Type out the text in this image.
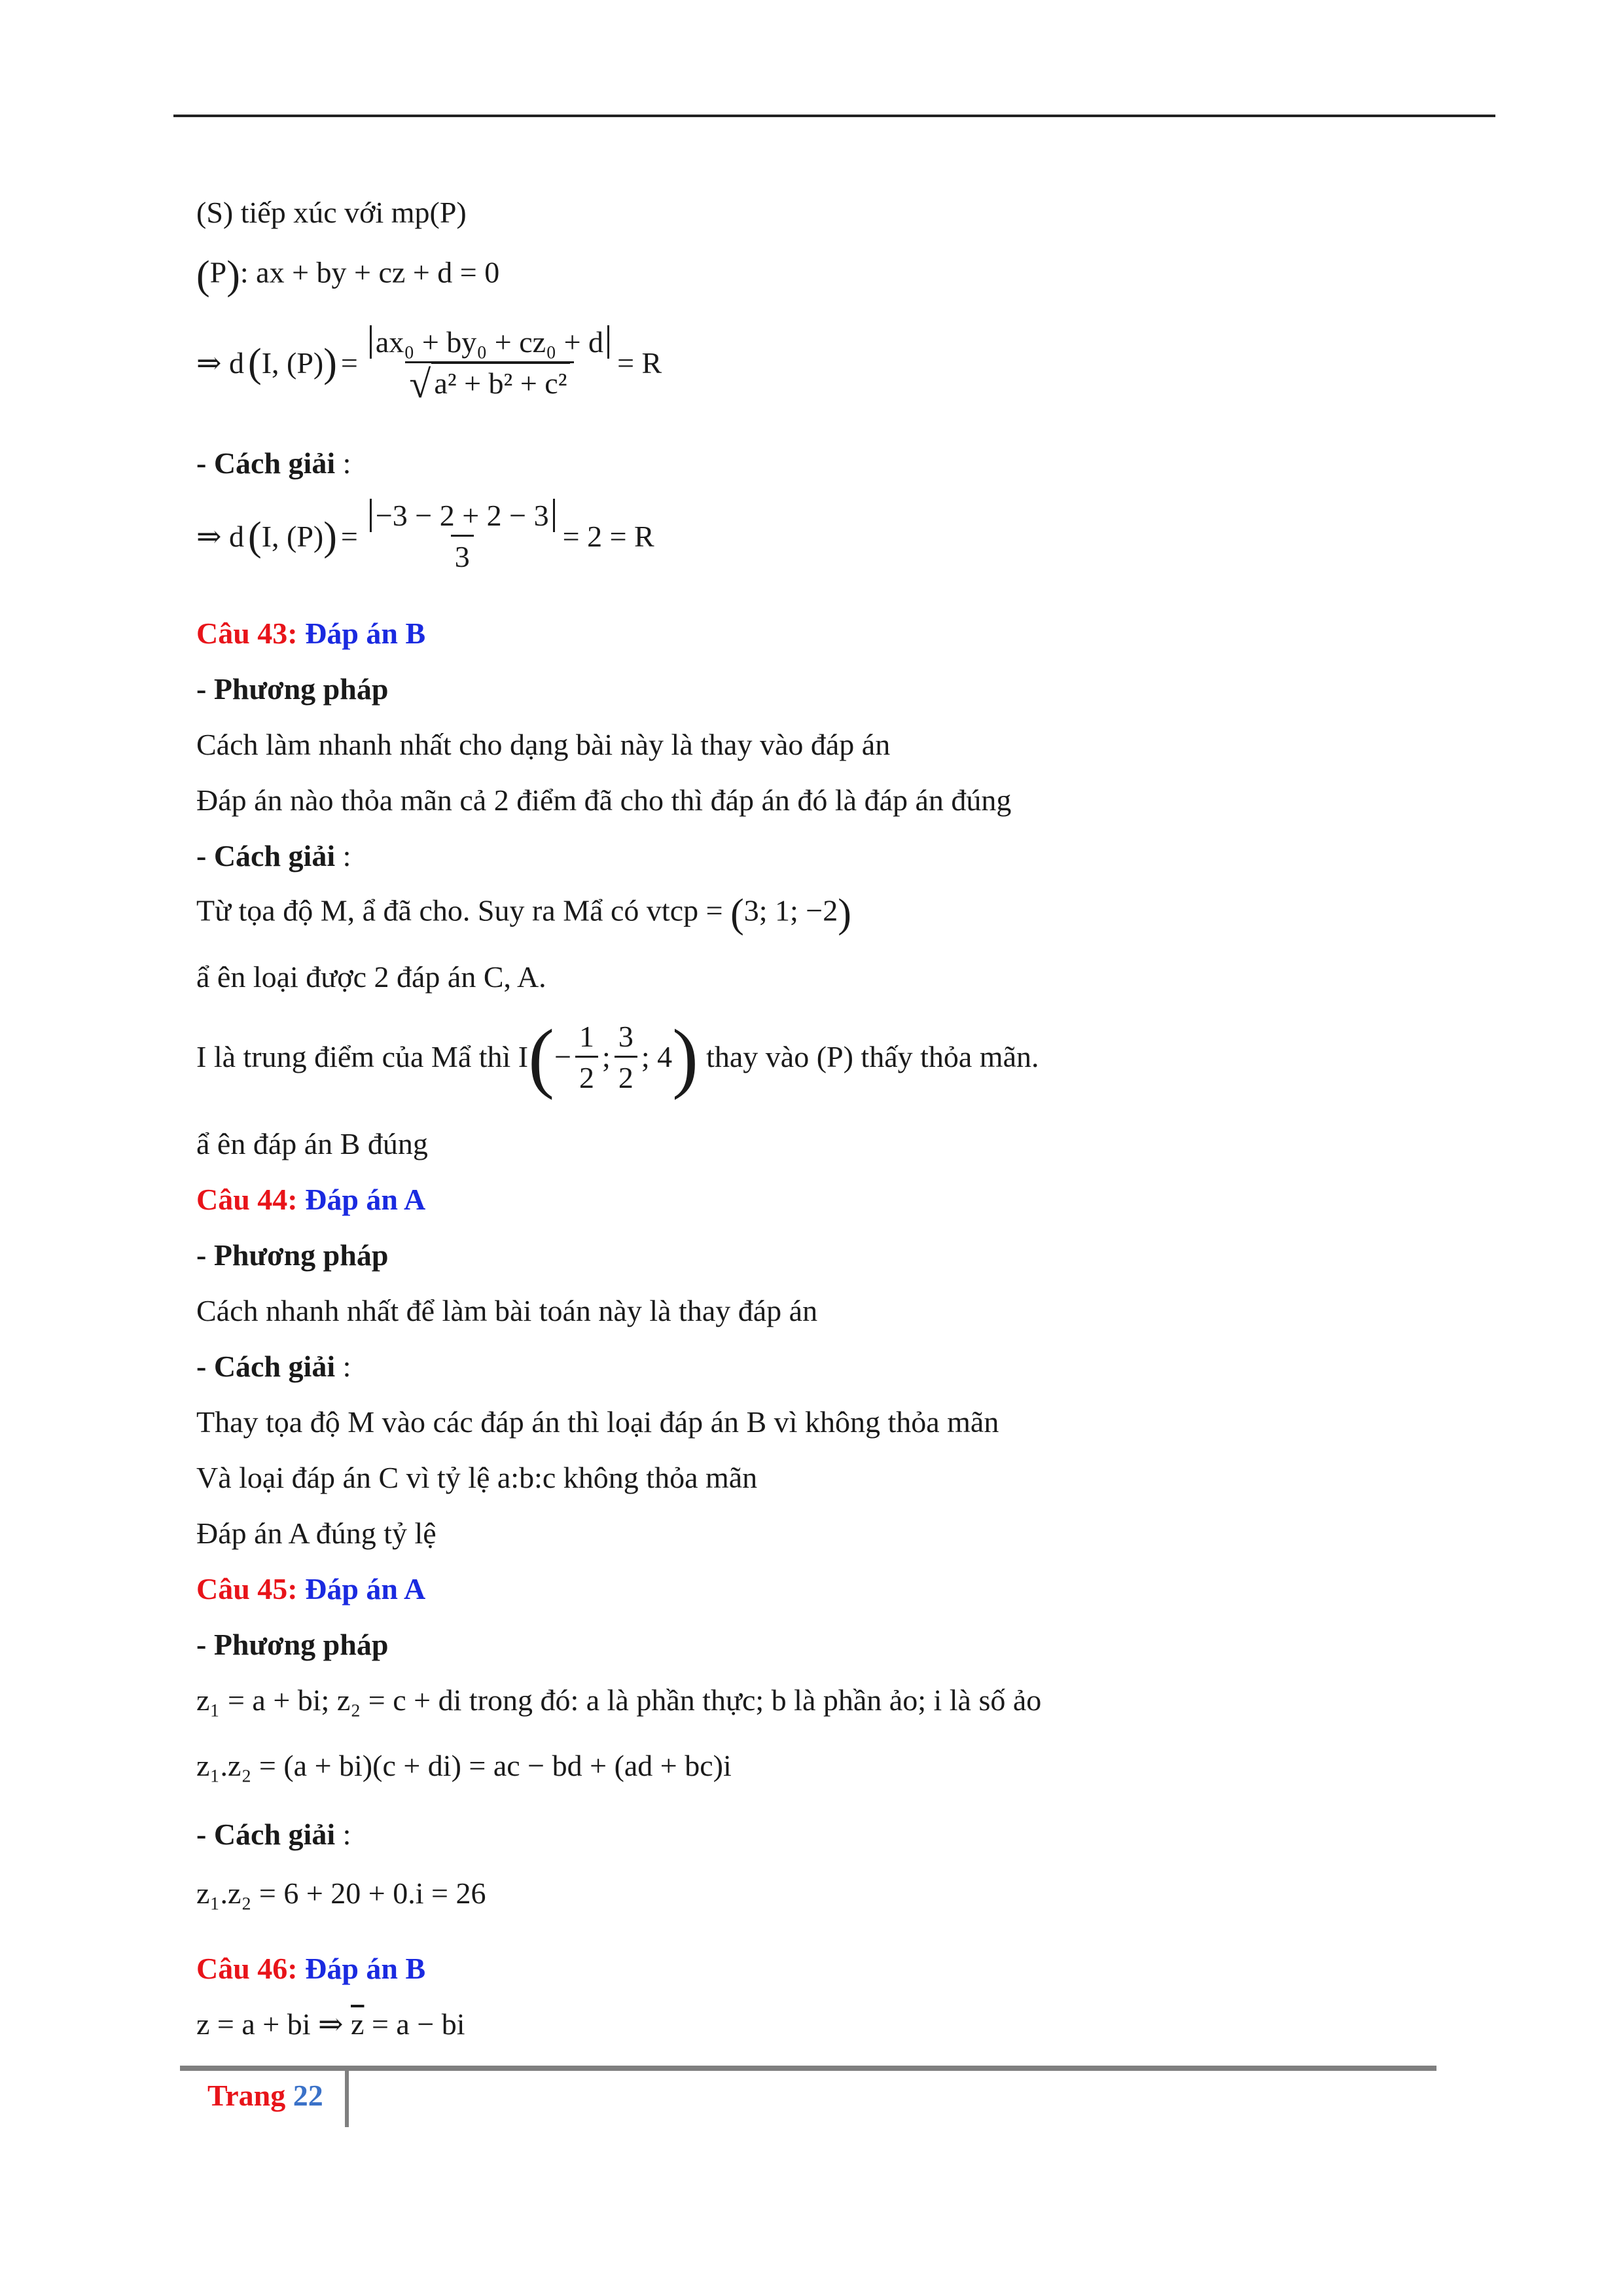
(S) tiếp xúc với mp(P)
(P): ax + by + cz + d = 0
⇒ d ( I, (P) ) = $\frac{\text{ax₀ + by₀ + cz₀ + d}}{\text{√ a² + b² + c²}} = R$
- Cách giải :
⇒ d ( I, (P) ) = $\frac{-3 - 2 + 2 - 3}{3} = 2 = R$
Câu 43: Đáp án B
- Phương pháp
Cách làm nhanh nhất cho dạng bài này là thay vào đáp án
Đáp án nào thỏa mãn cả 2 điểm đã cho thì đáp án đó là đáp án đúng
- Cách giải :
Từ tọa độ M, ẩ đã cho. Suy ra Mẩ có vtcp = (3; 1; −2)
ẩ ên loại được 2 đáp án C, A.
I là trung điểm của Mẩ thì I ( − $\frac{1}{2}$ ; $\frac{3}{2}$ ; 4 ) thay vào (P) thấy thỏa mãn.
ẩ ên đáp án B đúng
Câu 44: Đáp án A
- Phương pháp
Cách nhanh nhất để làm bài toán này là thay đáp án
- Cách giải :
Thay tọa độ M vào các đáp án thì loại đáp án B vì không thỏa mãn
Và loại đáp án C vì tỷ lệ a:b:c không thỏa mãn
Đáp án A đúng tỷ lệ
Câu 45: Đáp án A
- Phương pháp
z₁ = a + bi; z₂ = c + di trong đó: a là phần thực; b là phần ảo; i là số ảo
z₁.z₂ = (a + bi)(c + di) = ac − bd + (ad + bc)i
- Cách giải :
z₁.z₂ = 6 + 20 + 0.i = 26
Câu 46: Đáp án B
z = a + bi ⇒ $\overline{z} = a$ − bi
Trang 22
